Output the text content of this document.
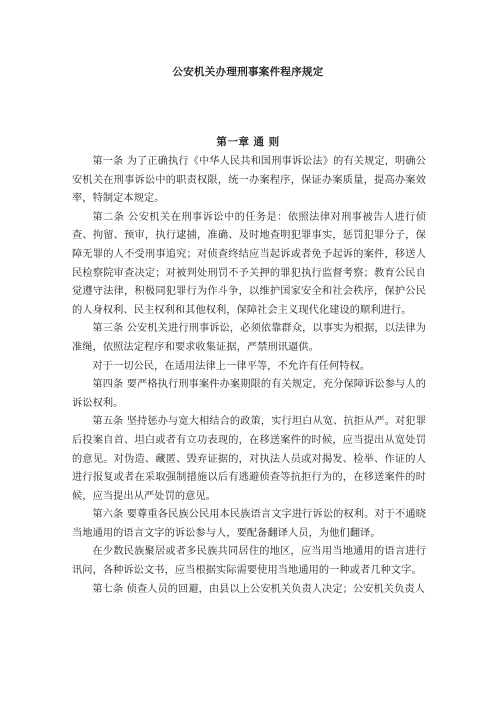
公安机关办理刑事案件程序规定
第一章 通 则

第一条 为了正确执行《中华人民共和国刑事诉讼法》的有关规定，明确公安机关在刑事诉讼中的职责权限，统一办案程序，保证办案质量，提高办案效率，特制定本规定。

第二条 公安机关在刑事诉讼中的任务是：依照法律对刑事被告人进行侦查、拘留、预审，执行逮捕，准确、及时地查明犯罪事实，惩罚犯罪分子，保障无罪的人不受刑事追究；对侦查终结应当起诉或者免予起诉的案件，移送人民检察院审查决定；对被判处刑罚不予关押的罪犯执行监督考察；教育公民自觉遵守法律，积极同犯罪行为作斗争，以维护国家安全和社会秩序，保护公民的人身权利、民主权利和其他权利，保障社会主义现代化建设的顺利进行。

第三条 公安机关进行刑事诉讼，必须依靠群众，以事实为根据，以法律为准绳，依照法定程序和要求收集证据，严禁刑讯逼供。

对于一切公民，在适用法律上一律平等，不允许有任何特权。

第四条 要严格执行刑事案件办案期限的有关规定，充分保障诉讼参与人的诉讼权利。

第五条 坚持惩办与宽大相结合的政策，实行坦白从宽、抗拒从严。对犯罪后投案自首、坦白或者有立功表现的，在移送案件的时候，应当提出从宽处罚的意见。对伪造、藏匿、毁弃证据的，对执法人员或对揭发、检举、作证的人进行报复或者在采取强制措施以后有逃避侦查等抗拒行为的，在移送案件的时候，应当提出从严处罚的意见。

第六条 要尊重各民族公民用本民族语言文字进行诉讼的权利。对于不通晓当地通用的语言文字的诉讼参与人，要配备翻译人员，为他们翻译。

在少数民族聚居或者多民族共同居住的地区，应当用当地通用的语言进行讯问，各种诉讼文书，应当根据实际需要使用当地通用的一种或者几种文字。

第七条 侦查人员的回避，由县以上公安机关负责人决定；公安机关负责人
